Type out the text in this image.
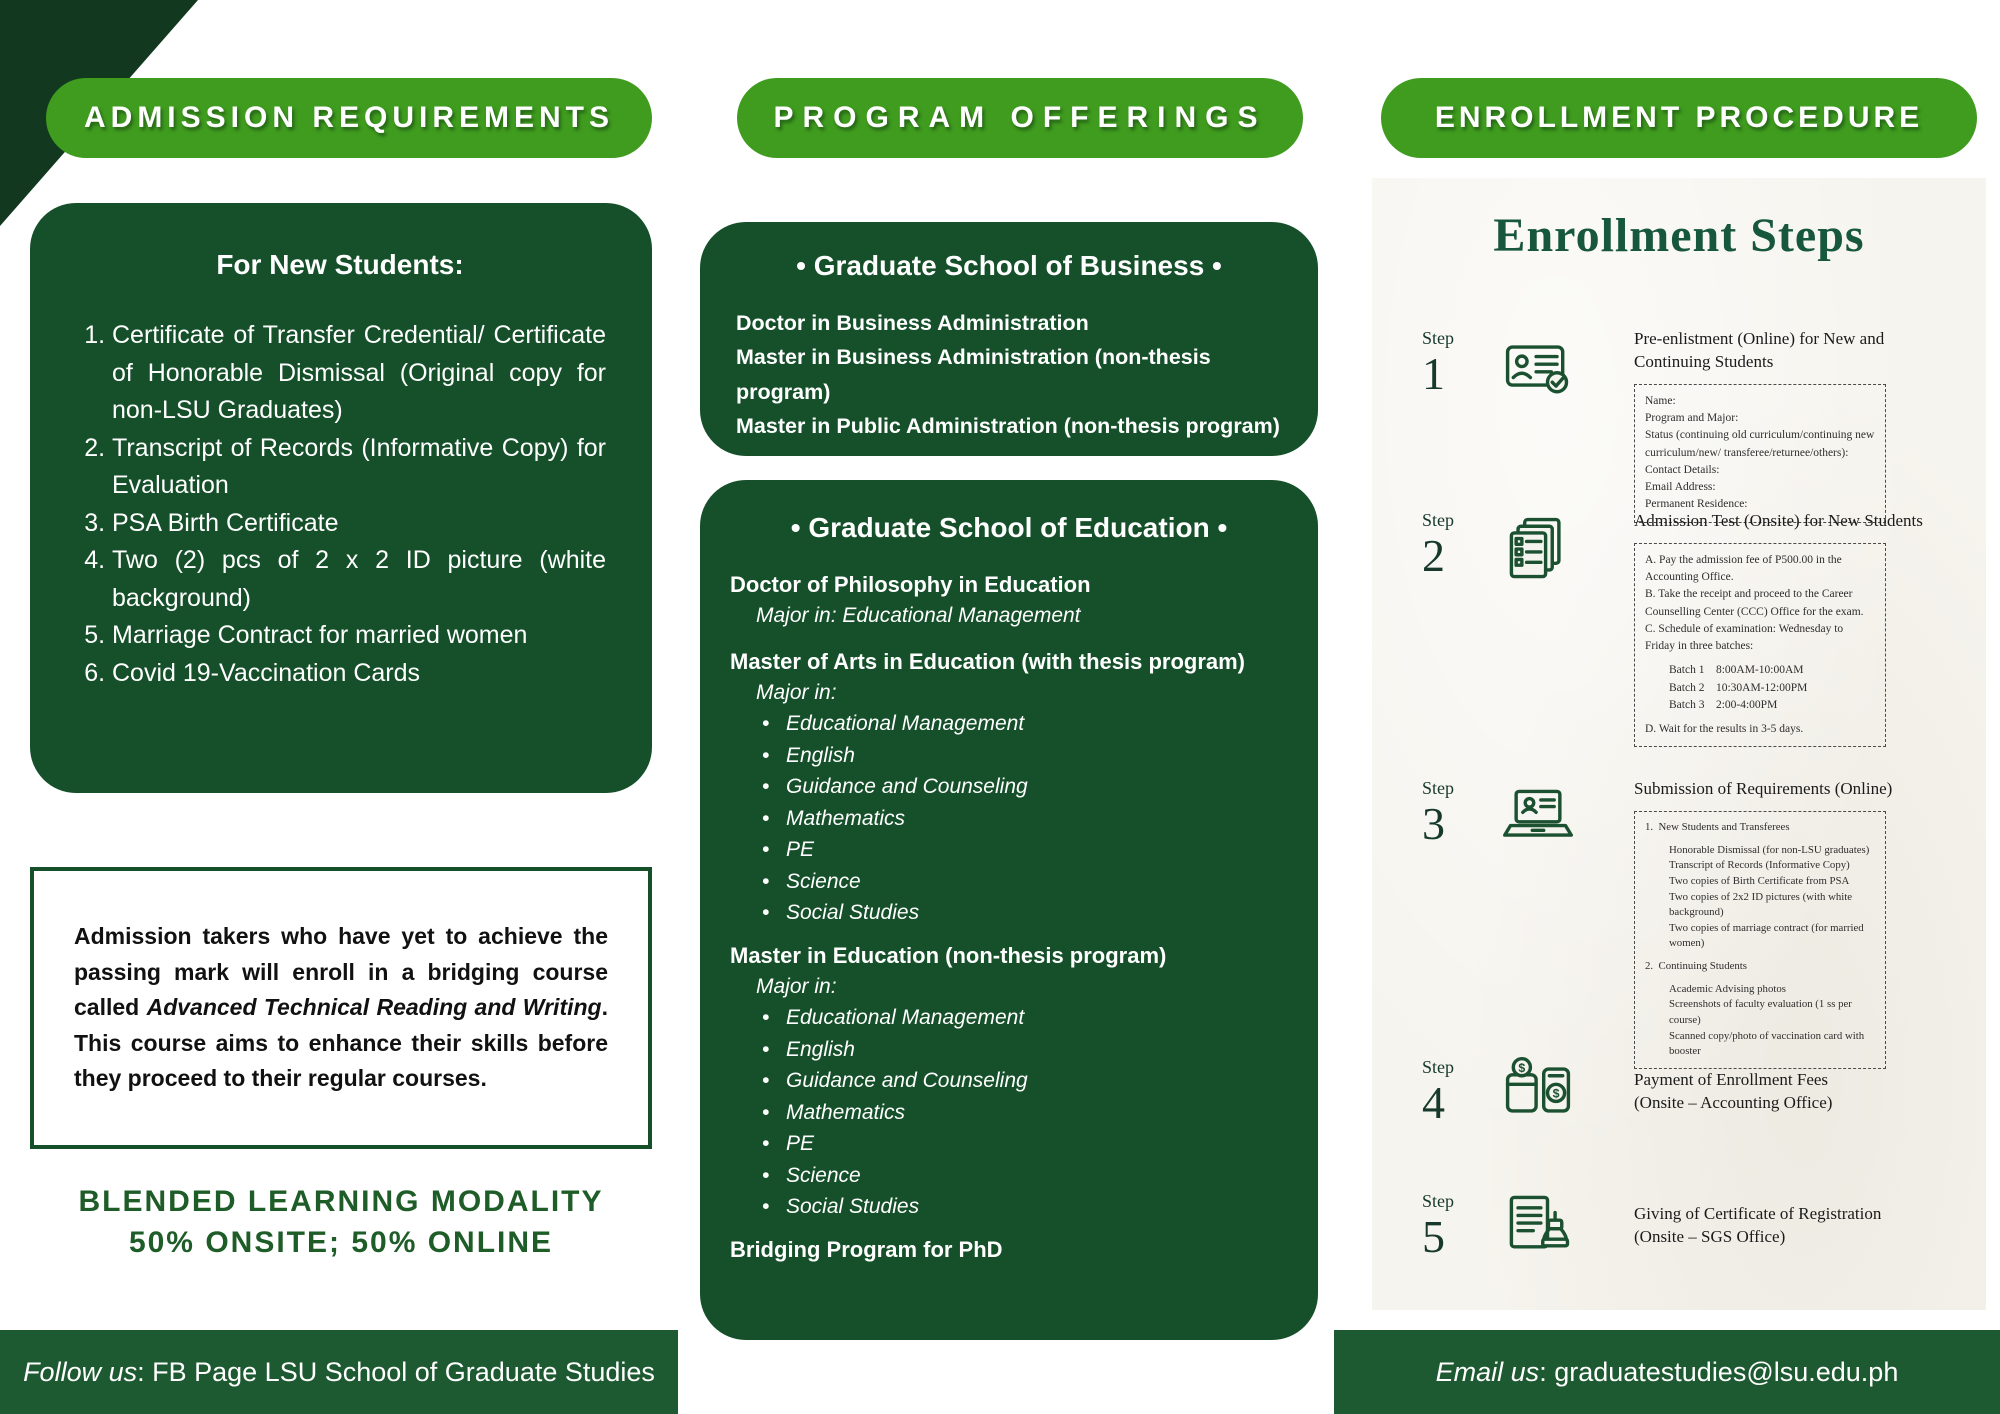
ADMISSION REQUIREMENTS
For New Students:
1. Certificate of Transfer Credential/ Certificate of Honorable Dismissal (Original copy for non-LSU Graduates)
2. Transcript of Records (Informative Copy) for Evaluation
3. PSA Birth Certificate
4. Two (2) pcs of 2 x 2 ID picture (white background)
5. Marriage Contract for married women
6. Covid 19-Vaccination Cards

Admission takers who have yet to achieve the passing mark will enroll in a bridging course called Advanced Technical Reading and Writing. This course aims to enhance their skills before they proceed to their regular courses.

BLENDED LEARNING MODALITY
50% ONSITE; 50% ONLINE
Follow us: FB Page LSU School of Graduate Studies
PROGRAM OFFERINGS
• Graduate School of Business •
Doctor in Business Administration
Master in Business Administration (non-thesis program)
Master in Public Administration (non-thesis program)
• Graduate School of Education •
Doctor of Philosophy in Education
Major in: Educational Management
Master of Arts in Education (with thesis program)
Major in:
• Educational Management
• English
• Guidance and Counseling
• Mathematics
• PE
• Science
• Social Studies
Master in Education (non-thesis program)
Major in:
• Educational Management
• English
• Guidance and Counseling
• Mathematics
• PE
• Science
• Social Studies
Bridging Program for PhD
ENROLLMENT PROCEDURE
Enrollment Steps
Step
1
Pre-enlistment (Online) for New and Continuing Students
Name:
Program and Major:
Status (continuing old curriculum/continuing new curriculum/new/ transferee/returnee/others):
Contact Details:
Email Address:
Permanent Residence:
Step
2
Admission Test (Onsite) for New Students
A. Pay the admission fee of P500.00 in the Accounting Office.
B. Take the receipt and proceed to the Career Counselling Center (CCC) Office for the exam.
C. Schedule of examination: Wednesday to Friday in three batches:
Batch 1    8:00AM-10:00AM
Batch 2    10:30AM-12:00PM
Batch 3    2:00-4:00PM
D. Wait for the results in 3-5 days.
Step
3
Submission of Requirements (Online)
1.  New Students and Transferees
Honorable Dismissal (for non-LSU graduates)
Transcript of Records (Informative Copy)
Two copies of Birth Certificate from PSA
Two copies of 2x2 ID pictures (with white background)
Two copies of marriage contract (for married women)
2.  Continuing Students
Academic Advising photos
Screenshots of faculty evaluation (1 ss per course)
Scanned copy/photo of vaccination card with booster
Step
4
$
$
Payment of Enrollment Fees
(Onsite – Accounting Office)
Step
5	Giving of Certificate of Registration
(Onsite – SGS Office)
Email us: graduatestudies@lsu.edu.ph
